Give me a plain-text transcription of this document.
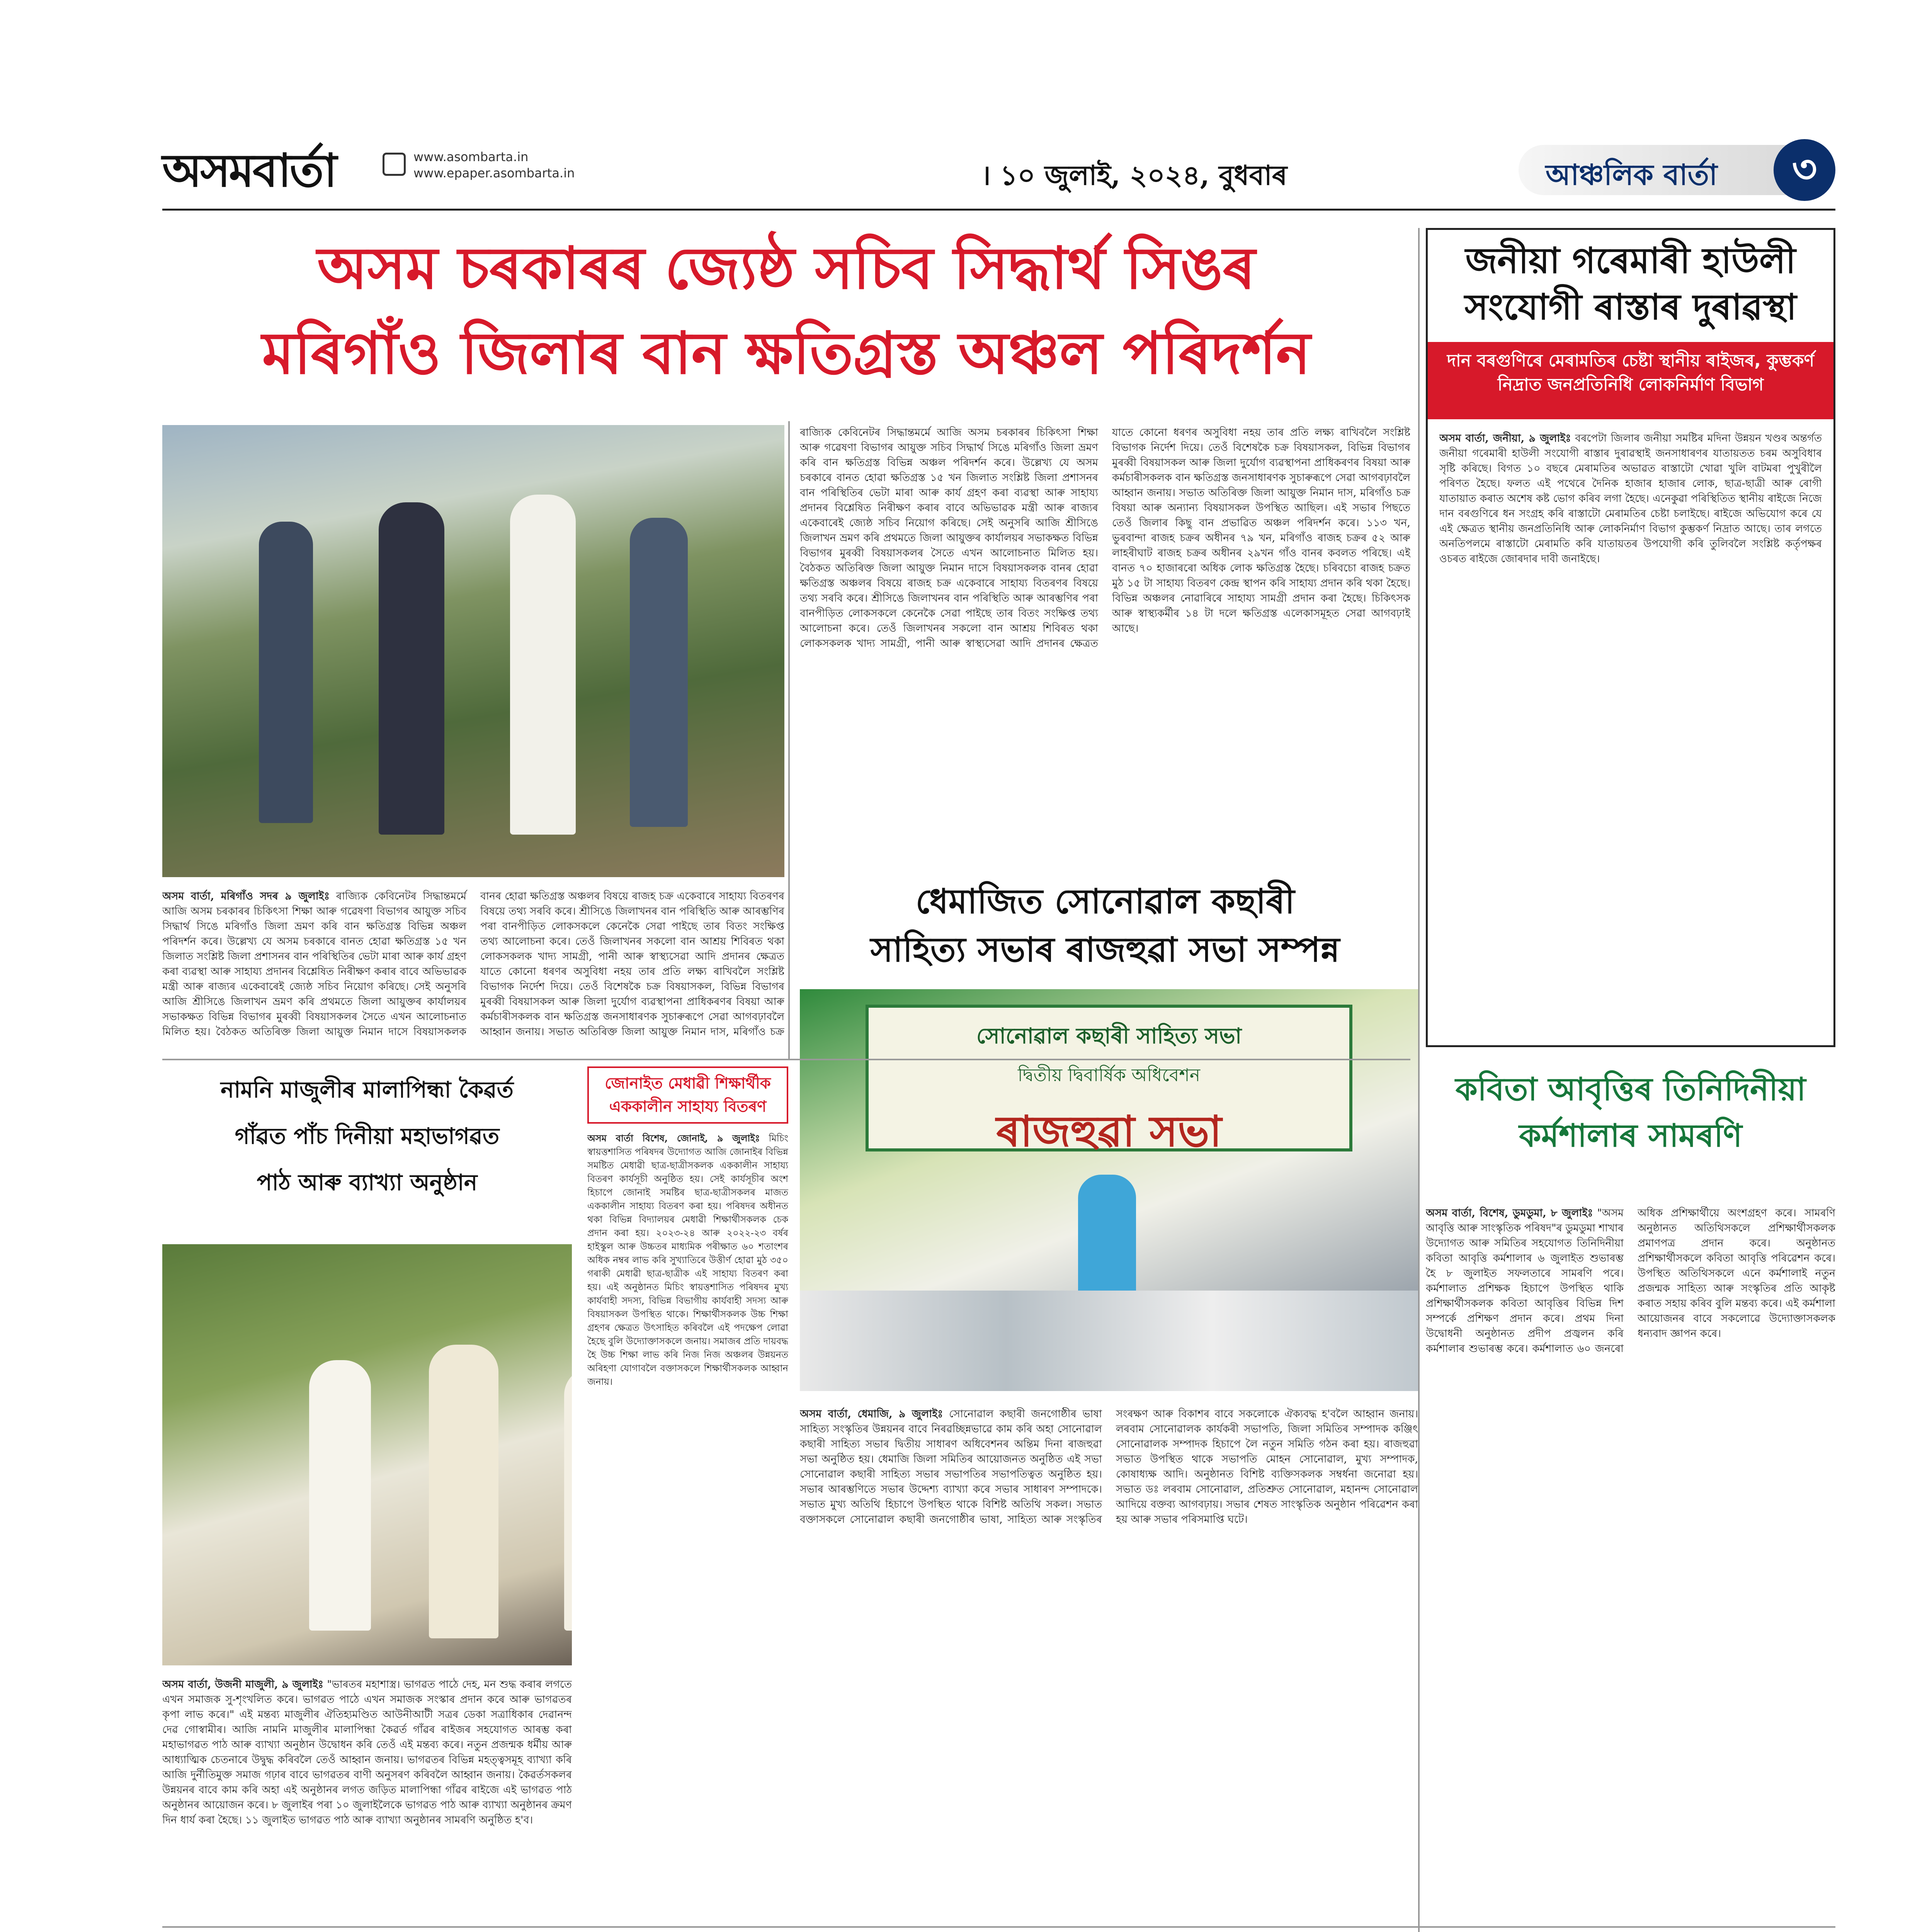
অসমবাৰ্তা	www.asombarta.in
www.epaper.asombarta.in	। ১০ জুলাই, ২০২৪, বুধবাৰ	আঞ্চলিক বাৰ্তা	৩
অসম চৰকাৰৰ জ্যেষ্ঠ সচিব সিদ্ধাৰ্থ সিঙৰ
মৰিগাঁও জিলাৰ বান ক্ষতিগ্ৰস্ত অঞ্চল পৰিদৰ্শন
ৰাজ্যিক কেবিনেটৰ সিদ্ধান্তমৰ্মে আজি অসম চৰকাৰৰ চিকিৎসা শিক্ষা আৰু গৱেষণা বিভাগৰ আয়ুক্ত সচিব সিদ্ধাৰ্থ সিঙে মৰিগাঁও জিলা ভ্ৰমণ কৰি বান ক্ষতিগ্ৰস্ত বিভিন্ন অঞ্চল পৰিদৰ্শন কৰে। উল্লেখ্য যে অসম চৰকাৰে বানত হোৱা ক্ষতিগ্ৰস্ত ১৫ খন জিলাত সংশ্লিষ্ট জিলা প্ৰশাসনৰ বান পৰিস্থিতিৰ ভেটা মাৰা আৰু কাৰ্য গ্ৰহণ কৰা ব্যৱস্থা আৰু সাহায্য প্ৰদানৰ বিশ্লেষিত নিৰীক্ষণ কৰাৰ বাবে অভিভাৱক মন্ত্ৰী আৰু ৰাজ্যৰ একেবাৰেই জ্যেষ্ঠ সচিব নিয়োগ কৰিছে। সেই অনুসৰি আজি শ্ৰীসিঙে জিলাখন ভ্ৰমণ কৰি প্ৰথমতে জিলা আয়ুক্তৰ কাৰ্যালয়ৰ সভাকক্ষত বিভিন্ন বিভাগৰ মুৰব্বী বিষয়াসকলৰ সৈতে এখন আলোচনাত মিলিত হয়। বৈঠকত অতিৰিক্ত জিলা আয়ুক্ত নিমান দাসে বিষয়াসকলক বানৰ হোৱা ক্ষতিগ্ৰস্ত অঞ্চলৰ বিষয়ে ৰাজহ চক্ৰ একেবাৰে সাহায্য বিতৰণৰ বিষয়ে তথ্য সৰবি কৰে। শ্ৰীসিঙে জিলাখনৰ বান পৰিস্থিতি আৰু আৰম্ভণিৰ পৰা বানপীড়িত লোকসকলে কেনেকৈ সেৱা পাইছে তাৰ বিতং সংক্ষিপ্ত তথ্য আলোচনা কৰে। তেওঁ জিলাখনৰ সকলো বান আশ্ৰয় শিবিৰত থকা লোকসকলক খাদ্য সামগ্ৰী, পানী আৰু স্বাস্থ্যসেৱা আদি প্ৰদানৰ ক্ষেত্ৰত যাতে কোনো ধৰণৰ অসুবিধা নহয় তাৰ প্ৰতি লক্ষ্য ৰাখিবলৈ সংশ্লিষ্ট বিভাগক নিৰ্দেশ দিয়ে। তেওঁ বিশেষকৈ চক্ৰ বিষয়াসকল, বিভিন্ন বিভাগৰ মুৰব্বী বিষয়াসকল আৰু জিলা দুৰ্যোগ ব্যৱস্থাপনা প্ৰাধিকৰণৰ বিষয়া আৰু কৰ্মচাৰীসকলক বান ক্ষতিগ্ৰস্ত জনসাধাৰণক সুচাৰুৰূপে সেৱা আগবঢ়াবলৈ আহ্বান জনায়। সভাত অতিৰিক্ত জিলা আয়ুক্ত নিমান দাস, মৰিগাঁও চক্ৰ বিষয়া আৰু অন্যান্য বিষয়াসকল উপস্থিত আছিল। এই সভাৰ পিছতে তেওঁ জিলাৰ কিছু বান প্ৰভাৱিত অঞ্চল পৰিদৰ্শন কৰে। ১১৩ খন, ভুৰবান্দা ৰাজহ চক্ৰৰ অধীনৰ ৭৯ খন, মৰিগাঁও ৰাজহ চক্ৰৰ ৫২ আৰু লাহৰীঘাট ৰাজহ চক্ৰৰ অধীনৰ ২৯খন গাঁও বানৰ কবলত পৰিছে। এই বানত ৭০ হাজাৰৰো অধিক লোক ক্ষতিগ্ৰস্ত হৈছে। চৰিবচো ৰাজহ চক্ৰত মুঠ ১৫ টা সাহায্য বিতৰণ কেন্দ্ৰ স্থাপন কৰি সাহায্য প্ৰদান কৰি থকা হৈছে। বিভিন্ন অঞ্চলৰ নোৱাৰিৰে সাহায্য সামগ্ৰী প্ৰদান কৰা হৈছে। চিকিৎসক আৰু স্বাস্থ্যকৰ্মীৰ ১৪ টা দলে ক্ষতিগ্ৰস্ত এলেকাসমূহত সেৱা আগবঢ়াই আছে।
অসম বাৰ্তা, মৰিগাঁও সদৰ ৯ জুলাইঃ ৰাজ্যিক কেবিনেটৰ সিদ্ধান্তমৰ্মে আজি অসম চৰকাৰৰ চিকিৎসা শিক্ষা আৰু গৱেষণা বিভাগৰ আয়ুক্ত সচিব সিদ্ধাৰ্থ সিঙে মৰিগাঁও জিলা ভ্ৰমণ কৰি বান ক্ষতিগ্ৰস্ত বিভিন্ন অঞ্চল পৰিদৰ্শন কৰে। উল্লেখ্য যে অসম চৰকাৰে বানত হোৱা ক্ষতিগ্ৰস্ত ১৫ খন জিলাত সংশ্লিষ্ট জিলা প্ৰশাসনৰ বান পৰিস্থিতিৰ ভেটা মাৰা আৰু কাৰ্য গ্ৰহণ কৰা ব্যৱস্থা আৰু সাহায্য প্ৰদানৰ বিশ্লেষিত নিৰীক্ষণ কৰাৰ বাবে অভিভাৱক মন্ত্ৰী আৰু ৰাজ্যৰ একেবাৰেই জ্যেষ্ঠ সচিব নিয়োগ কৰিছে। সেই অনুসৰি আজি শ্ৰীসিঙে জিলাখন ভ্ৰমণ কৰি প্ৰথমতে জিলা আয়ুক্তৰ কাৰ্যালয়ৰ সভাকক্ষত বিভিন্ন বিভাগৰ মুৰব্বী বিষয়াসকলৰ সৈতে এখন আলোচনাত মিলিত হয়। বৈঠকত অতিৰিক্ত জিলা আয়ুক্ত নিমান দাসে বিষয়াসকলক বানৰ হোৱা ক্ষতিগ্ৰস্ত অঞ্চলৰ বিষয়ে ৰাজহ চক্ৰ একেবাৰে সাহায্য বিতৰণৰ বিষয়ে তথ্য সৰবি কৰে। শ্ৰীসিঙে জিলাখনৰ বান পৰিস্থিতি আৰু আৰম্ভণিৰ পৰা বানপীড়িত লোকসকলে কেনেকৈ সেৱা পাইছে তাৰ বিতং সংক্ষিপ্ত তথ্য আলোচনা কৰে। তেওঁ জিলাখনৰ সকলো বান আশ্ৰয় শিবিৰত থকা লোকসকলক খাদ্য সামগ্ৰী, পানী আৰু স্বাস্থ্যসেৱা আদি প্ৰদানৰ ক্ষেত্ৰত যাতে কোনো ধৰণৰ অসুবিধা নহয় তাৰ প্ৰতি লক্ষ্য ৰাখিবলৈ সংশ্লিষ্ট বিভাগক নিৰ্দেশ দিয়ে। তেওঁ বিশেষকৈ চক্ৰ বিষয়াসকল, বিভিন্ন বিভাগৰ মুৰব্বী বিষয়াসকল আৰু জিলা দুৰ্যোগ ব্যৱস্থাপনা প্ৰাধিকৰণৰ বিষয়া আৰু কৰ্মচাৰীসকলক বান ক্ষতিগ্ৰস্ত জনসাধাৰণক সুচাৰুৰূপে সেৱা আগবঢ়াবলৈ আহ্বান জনায়। সভাত অতিৰিক্ত জিলা আয়ুক্ত নিমান দাস, মৰিগাঁও চক্ৰ
জনীয়া গৰেমাৰী হাউলী সংযোগী ৰাস্তাৰ দুৰাৱস্থা
দান বৰগুণিৰে মেৰামতিৰ চেষ্টা স্থানীয় ৰাইজৰ, কুম্ভকৰ্ণ নিদ্ৰাত জনপ্ৰতিনিধি লোকনিৰ্মাণ বিভাগ
অসম বাৰ্তা, জনীয়া, ৯ জুলাইঃ বৰপেটা জিলাৰ জনীয়া সমষ্টিৰ মদিনা উন্নয়ন খণ্ডৰ অন্তৰ্গত জনীয়া গৰেমাৰী হাউলী সংযোগী ৰাস্তাৰ দুৰাৱস্থাই জনসাধাৰণৰ যাতায়তত চৰম অসুবিধাৰ সৃষ্টি কৰিছে। বিগত ১০ বছৰে মেৰামতিৰ অভাৱত ৰাস্তাটো খোৱা খুলি বাটমৰা পুখুৰীলৈ পৰিণত হৈছে। ফলত এই পথেৰে দৈনিক হাজাৰ হাজাৰ লোক, ছাত্ৰ-ছাত্ৰী আৰু ৰোগী যাতায়াত কৰাত অশেষ কষ্ট ভোগ কৰিব লগা হৈছে। এনেকুৱা পৰিস্থিতিত স্থানীয় ৰাইজে নিজে দান বৰগুণিৰে ধন সংগ্ৰহ কৰি ৰাস্তাটো মেৰামতিৰ চেষ্টা চলাইছে। ৰাইজে অভিযোগ কৰে যে এই ক্ষেত্ৰত স্থানীয় জনপ্ৰতিনিধি আৰু লোকনিৰ্মাণ বিভাগ কুম্ভকৰ্ণ নিদ্ৰাত আছে। তাৰ লগতে অনতিপলমে ৰাস্তাটো মেৰামতি কৰি যাতায়তৰ উপযোগী কৰি তুলিবলৈ সংশ্লিষ্ট কৰ্তৃপক্ষৰ ওচৰত ৰাইজে জোৰদাৰ দাবী জনাইছে।
ধেমাজিত সোনোৱাল কছাৰী
সাহিত্য সভাৰ ৰাজহুৱা সভা সম্পন্ন
সোনোৱাল কছাৰী সাহিত্য সভা
দ্বিতীয় দ্বিবাৰ্ষিক অধিবেশন
ৰাজহুৱা সভা
অসম বাৰ্তা, ধেমাজি, ৯ জুলাইঃ সোনোৱাল কছাৰী জনগোষ্ঠীৰ ভাষা সাহিত্য সংস্কৃতিৰ উন্নয়নৰ বাবে নিৰৱচ্ছিন্নভাৱে কাম কৰি অহা সোনোৱাল কছাৰী সাহিত্য সভাৰ দ্বিতীয় সাধাৰণ অধিবেশনৰ অন্তিম দিনা ৰাজহুৱা সভা অনুষ্ঠিত হয়। ধেমাজি জিলা সমিতিৰ আয়োজনত অনুষ্ঠিত এই সভা সোনোৱাল কছাৰী সাহিত্য সভাৰ সভাপতিৰ সভাপতিত্বত অনুষ্ঠিত হয়। সভাৰ আৰম্ভণিতে সভাৰ উদ্দেশ্য ব্যাখ্যা কৰে সভাৰ সাধাৰণ সম্পাদকে। সভাত মুখ্য অতিথি হিচাপে উপস্থিত থাকে বিশিষ্ট অতিথি সকল। সভাত বক্তাসকলে সোনোৱাল কছাৰী জনগোষ্ঠীৰ ভাষা, সাহিত্য আৰু সংস্কৃতিৰ সংৰক্ষণ আৰু বিকাশৰ বাবে সকলোকে ঐক্যবদ্ধ হ'বলৈ আহ্বান জনায়। লৰবাম সোনোৱালক কাৰ্যকৰী সভাপতি, জিলা সমিতিৰ সম্পাদক কঞ্জিৎ সোনোৱালক সম্পাদক হিচাপে লৈ নতুন সমিতি গঠন কৰা হয়। ৰাজহুৱা সভাত উপস্থিত থাকে সভাপতি মোহন সোনোৱাল, মুখ্য সম্পাদক, কোষাধ্যক্ষ আদি। অনুষ্ঠানত বিশিষ্ট ব্যক্তিসকলক সম্বৰ্ধনা জনোৱা হয়। সভাত ডঃ লৰবাম সোনোৱাল, প্ৰতিশ্ৰুত সোনোৱাল, মহানন্দ সোনোৱাল আদিয়ে বক্তব্য আগবঢ়ায়। সভাৰ শেষত সাংস্কৃতিক অনুষ্ঠান পৰিৱেশন কৰা হয় আৰু সভাৰ পৰিসমাপ্তি ঘটে।
কবিতা আবৃত্তিৰ তিনিদিনীয়া
কৰ্মশালাৰ সামৰণি
অসম বাৰ্তা, বিশেষ, ডুমডুমা, ৮ জুলাইঃ "অসম আবৃত্তি আৰু সাংস্কৃতিক পৰিষদ"ৰ ডুমডুমা শাখাৰ উদ্যোগত আৰু সমিতিৰ সহযোগত তিনিদিনীয়া কবিতা আবৃত্তি কৰ্মশালাৰ ৬ জুলাইত শুভাৰম্ভ হৈ ৮ জুলাইত সফলতাৰে সামৰণি পৰে। কৰ্মশালাত প্ৰশিক্ষক হিচাপে উপস্থিত থাকি প্ৰশিক্ষাৰ্থীসকলক কবিতা আবৃত্তিৰ বিভিন্ন দিশ সম্পৰ্কে প্ৰশিক্ষণ প্ৰদান কৰে। প্ৰথম দিনা উদ্বোধনী অনুষ্ঠানত প্ৰদীপ প্ৰজ্বলন কৰি কৰ্মশালাৰ শুভাৰম্ভ কৰে। কৰ্মশালাত ৬০ জনৰো অধিক প্ৰশিক্ষাৰ্থীয়ে অংশগ্ৰহণ কৰে। সামৰণি অনুষ্ঠানত অতিথিসকলে প্ৰশিক্ষাৰ্থীসকলক প্ৰমাণপত্ৰ প্ৰদান কৰে। অনুষ্ঠানত প্ৰশিক্ষাৰ্থীসকলে কবিতা আবৃত্তি পৰিৱেশন কৰে। উপস্থিত অতিথিসকলে এনে কৰ্মশালাই নতুন প্ৰজন্মক সাহিত্য আৰু সংস্কৃতিৰ প্ৰতি আকৃষ্ট কৰাত সহায় কৰিব বুলি মন্তব্য কৰে। এই কৰ্মশালা আয়োজনৰ বাবে সকলোৱে উদ্যোক্তাসকলক ধন্যবাদ জ্ঞাপন কৰে।
নামনি মাজুলীৰ মালাপিন্ধা কৈৱৰ্ত
গাঁৱত পাঁচ দিনীয়া মহাভাগৱত
পাঠ আৰু ব্যাখ্যা অনুষ্ঠান
অসম বাৰ্তা, উজনী মাজুলী, ৯ জুলাইঃ "ভাৰতৰ মহাশাস্ত্ৰ। ভাগৱত পাঠে দেহ, মন শুদ্ধ কৰাৰ লগতে এখন সমাজক সু-শৃংখলিত কৰে। ভাগৱত পাঠে এখন সমাজক সংস্কাৰ প্ৰদান কৰে আৰু ভাগৱতৰ কৃপা লাভ কৰে।" এই মন্তব্য মাজুলীৰ ঐতিহ্যমণ্ডিত আউনীআটী সত্ৰৰ ডেকা সত্ৰাধিকাৰ দেৱানন্দ দেৱ গোস্বামীৰ। আজি নামনি মাজুলীৰ মালাপিন্ধা কৈৱৰ্ত গাঁৱৰ ৰাইজৰ সহযোগত আৰম্ভ কৰা মহাভাগৱত পাঠ আৰু ব্যাখ্যা অনুষ্ঠান উদ্বোধন কৰি তেওঁ এই মন্তব্য কৰে। নতুন প্ৰজন্মক ধৰ্মীয় আৰু আধ্যাত্মিক চেতনাৰে উদ্বুদ্ধ কৰিবলৈ তেওঁ আহ্বান জনায়। ভাগৱতৰ বিভিন্ন মহত্ত্বসমূহ ব্যাখ্যা কৰি আজি দুৰ্নীতিমুক্ত সমাজ গঢ়াৰ বাবে ভাগৱতৰ বাণী অনুসৰণ কৰিবলৈ আহ্বান জনায়। কৈৱৰ্তসকলৰ উন্নয়নৰ বাবে কাম কৰি অহা এই অনুষ্ঠানৰ লগত জড়িত মালাপিন্ধা গাঁৱৰ ৰাইজে এই ভাগৱত পাঠ অনুষ্ঠানৰ আয়োজন কৰে। ৮ জুলাইৰ পৰা ১০ জুলাইলৈকে ভাগৱত পাঠ আৰু ব্যাখ্যা অনুষ্ঠানৰ ক্ৰমণ দিন ধাৰ্য কৰা হৈছে। ১১ জুলাইত ভাগৱত পাঠ আৰু ব্যাখ্যা অনুষ্ঠানৰ সামৰণি অনুষ্ঠিত হ'ব।
জোনাইত মেধাৱী শিক্ষাৰ্থীক
এককালীন সাহায্য বিতৰণ
অসম বাৰ্তা বিশেষ, জোনাই, ৯ জুলাইঃ মিচিং স্বায়ত্তশাসিত পৰিষদৰ উদ্যোগত আজি জোনাইৰ বিভিন্ন সমষ্টিত মেধাৱী ছাত্ৰ-ছাত্ৰীসকলক এককালীন সাহায্য বিতৰণ কাৰ্যসূচী অনুষ্ঠিত হয়। সেই কাৰ্যসূচীৰ অংশ হিচাপে জোনাই সমষ্টিৰ ছাত্ৰ-ছাত্ৰীসকলৰ মাজত এককালীন সাহায্য বিতৰণ কৰা হয়। পৰিষদৰ অধীনত থকা বিভিন্ন বিদ্যালয়ৰ মেধাৱী শিক্ষাৰ্থীসকলক চেক প্ৰদান কৰা হয়। ২০২৩-২৪ আৰু ২০২২-২৩ বৰ্ষৰ হাইস্কুল আৰু উচ্চতৰ মাধ্যমিক পৰীক্ষাত ৬০ শতাংশৰ অধিক নম্বৰ লাভ কৰি সুখ্যাতিৰে উত্তীৰ্ণ হোৱা মুঠ ৩৫০ গৰাকী মেধাৱী ছাত্ৰ-ছাত্ৰীক এই সাহায্য বিতৰণ কৰা হয়। এই অনুষ্ঠানত মিচিং স্বায়ত্তশাসিত পৰিষদৰ মুখ্য কাৰ্যবাহী সদস্য, বিভিন্ন বিভাগীয় কাৰ্যবাহী সদস্য আৰু বিষয়াসকল উপস্থিত থাকে। শিক্ষাৰ্থীসকলক উচ্চ শিক্ষা গ্ৰহণৰ ক্ষেত্ৰত উৎসাহিত কৰিবলৈ এই পদক্ষেপ লোৱা হৈছে বুলি উদ্যোক্তাসকলে জনায়। সমাজৰ প্ৰতি দায়বদ্ধ হৈ উচ্চ শিক্ষা লাভ কৰি নিজ নিজ অঞ্চলৰ উন্নয়নত অৰিহণা যোগাবলৈ বক্তাসকলে শিক্ষাৰ্থীসকলক আহ্বান জনায়।
